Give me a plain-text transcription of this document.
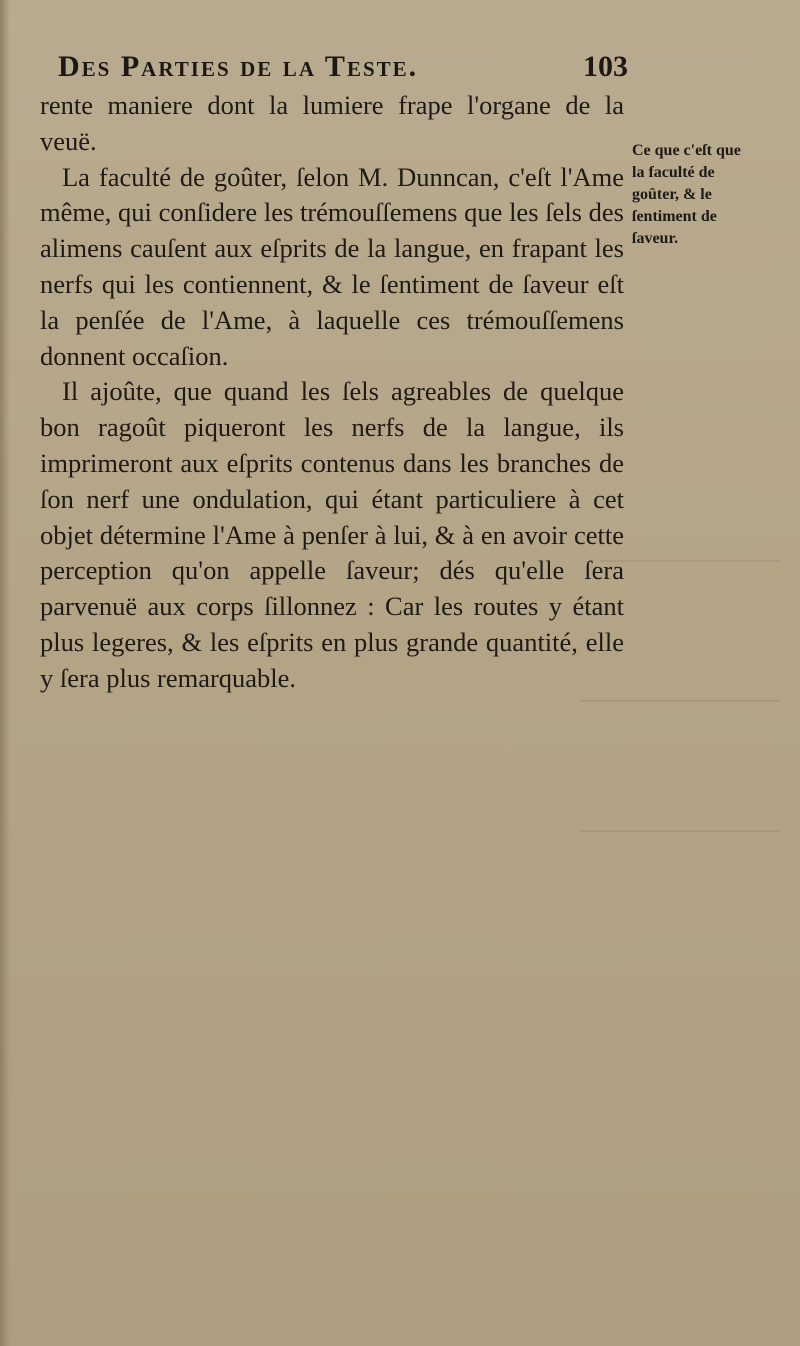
Des Parties de la Teste.	103

rente maniere dont la lumiere frape l'organe de la veuë.

La faculté de goûter, ſelon M. Dunncan, c'eſt l'Ame même, qui conſidere les trémouſſemens que les ſels des alimens cauſent aux eſprits de la langue, en frapant les nerfs qui les contiennent, & le ſentiment de ſaveur eſt la penſée de l'Ame, à laquelle ces trémouſſemens donnent occaſion.

Il ajoûte, que quand les ſels agreables de quelque bon ragoût piqueront les nerfs de la langue, ils imprimeront aux eſprits contenus dans les branches de ſon nerf une ondulation, qui étant particuliere à cet objet détermine l'Ame à penſer à lui, & à en avoir cette perception qu'on appelle ſaveur; dés qu'elle ſera parvenuë aux corps ſillonnez : Car les routes y étant plus legeres, & les eſprits en plus grande quantité, elle y ſera plus remarquable.

Ce que c'eſt que la faculté de goûter, & le ſentiment de ſaveur.
